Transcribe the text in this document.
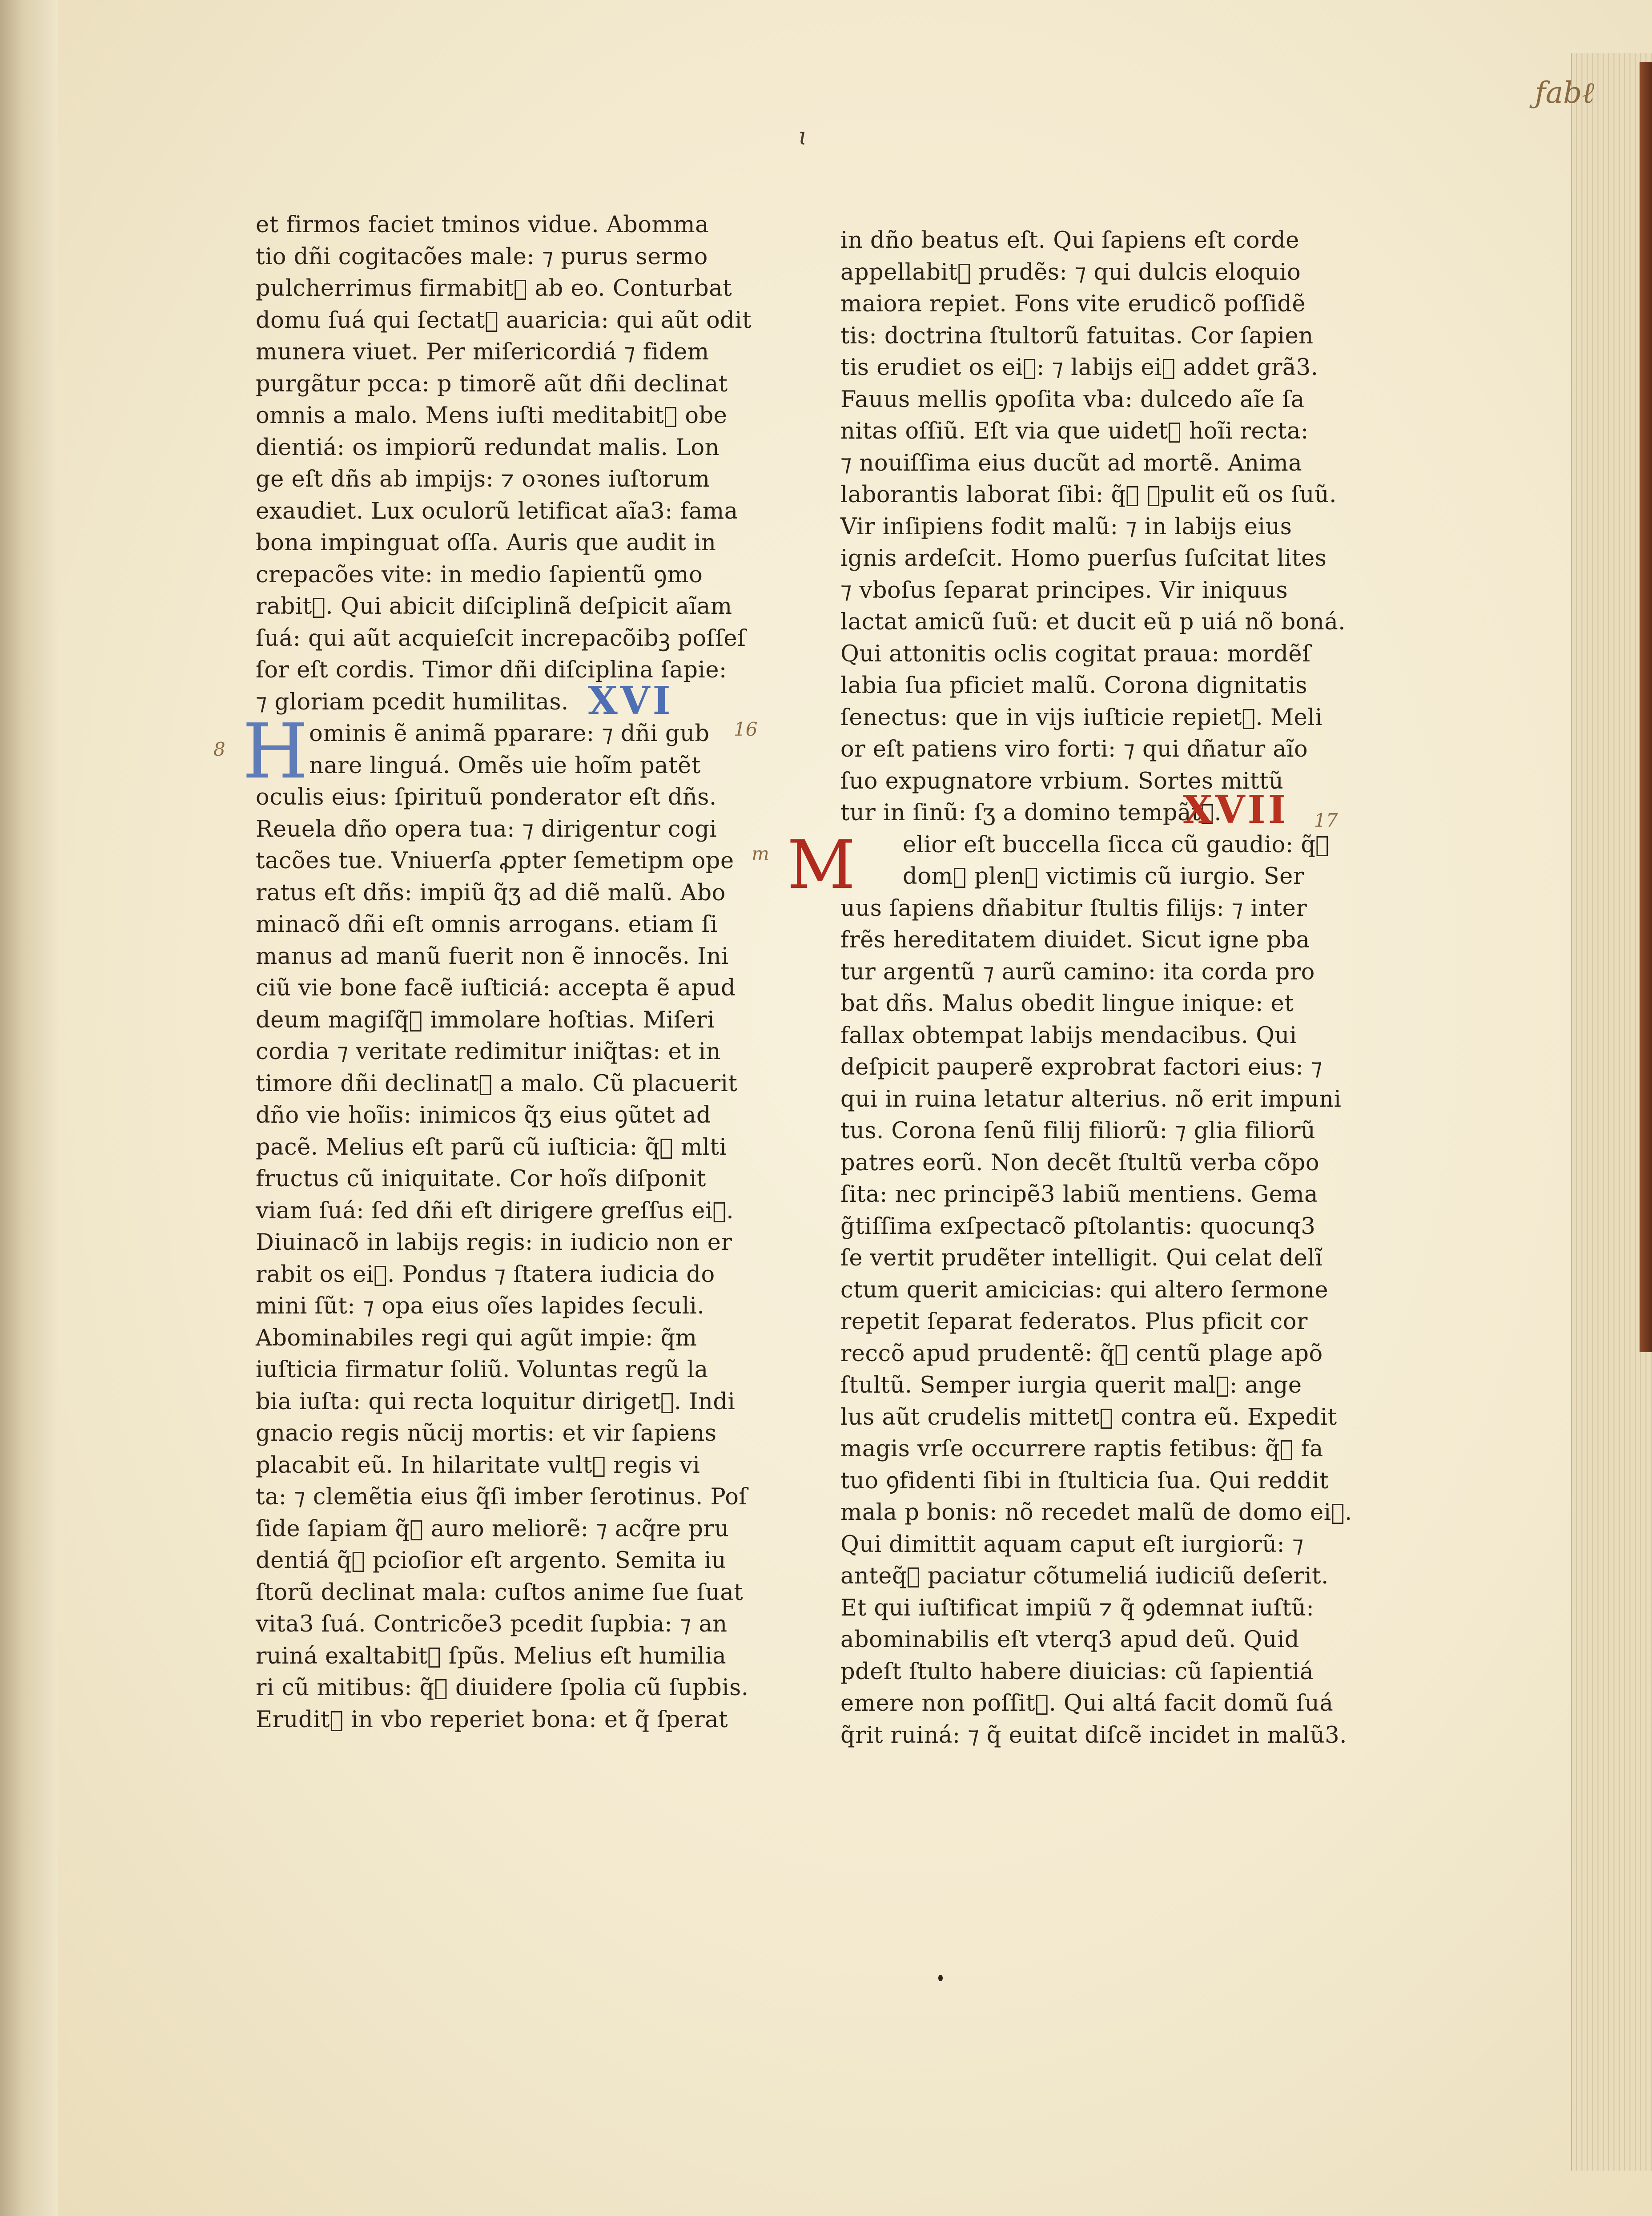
ƒabℓ
ɩ
et firmos faciet tminos vidue. Abomma
tio dñi cogitacões male: ⁊ purus sermo
pulcherrimus firmabit᷑ ab eo. Conturbat
domu ſuá qui ſectat᷑ auaricia: qui aũt odit
munera viuet. Per miſericordiá ⁊ fidem
purgãtur pcca: p timorẽ aũt dñi declinat
omnis a malo. Mens iuſti meditabit᷑ obe
dientiá: os impiorũ redundat malis. Lon
ge eſt dñs ab impijs: ⁊ oꝛones iuſtorum
exaudiet. Lux oculorũ letificat aı̃a3: fama
bona impinguat oſſa. Auris que audit in
crepacões vite: in medio ſapientũ ꝯmo
rabit᷑. Qui abicit diſciplinã deſpicit aı̃am
ſuá: qui aũt acquieſcit increpacõibꝫ poſſeſ
ſor eſt cordis. Timor dñi diſciplina ſapie:
⁊ gloriam pcedit humilitas.
ominis ẽ animã pparare: ⁊ dñi gub
nare linguá. Omẽs uie hoı̃m patẽt
oculis eius: ſpirituũ ponderator eſt dñs.
Reuela dño opera tua: ⁊ dirigentur cogi
tacões tue. Vniuerſa ꝓpter ſemetipm ope
ratus eſt dñs: impiũ q̃ʒ ad diẽ malũ. Abo
minacõ dñi eſt omnis arrogans. etiam ſi
manus ad manũ fuerit non ẽ innocẽs. Ini
ciũ vie bone facẽ iuſticiá: accepta ẽ apud
deum magiſq̃ᷓ immolare hoſtias. Miſeri
cordia ⁊ veritate redimitur iniq̃tas: et in
timore dñi declinat᷑ a malo. Cũ placuerit
dño vie hoı̃is: inimicos q̃ʒ eius ꝯũtet ad
pacẽ. Melius eſt parũ cũ iuſticia: q̃ᷓ mlti
fructus cũ iniquitate. Cor hoı̃s diſponit
viam ſuá: ſed dñi eſt dirigere greſſus ei᷒.
Diuinacõ in labijs regis: in iudicio non er
rabit os ei᷒. Pondus ⁊ ſtatera iudicia do
mini ſũt: ⁊ opa eius oı̃es lapides ſeculi.
Abominabiles regi qui agũt impie: q̃m
iuſticia firmatur ſoliũ. Voluntas regũ la
bia iuſta: qui recta loquitur diriget᷑. Indi
gnacio regis nũcij mortis: et vir ſapiens
placabit eũ. In hilaritate vult᷒ regis vi
ta: ⁊ clemẽtia eius q̃ſi imber ſerotinus. Poſ
ſide ſapiam q̃ᷓ auro meliorẽ: ⁊ acq̃re pru
dentiá q̃ᷓ pcioſior eſt argento. Semita iu
ſtorũ declinat mala: cuſtos anime ſue ſuat
vita3 ſuá. Contricõe3 pcedit ſupbia: ⁊ an
ruiná exaltabit᷑ ſpũs. Melius eſt humilia
ri cũ mitibus: q̃ᷓ diuidere ſpolia cũ ſupbis.
Erudit᷒ in vbo reperiet bona: et q̃ ſperat
in dño beatus eſt. Qui ſapiens eſt corde
appellabit᷑ prudẽs: ⁊ qui dulcis eloquio
maiora repiet. Fons vite erudicõ poſſidẽ
tis: doctrina ſtultorũ fatuitas. Cor ſapien
tis erudiet os ei᷒: ⁊ labijs ei᷒ addet grã3.
Fauus mellis ꝯpoſita vba: dulcedo aı̃e ſa
nitas oſſiũ. Eſt via que uidet᷑ hoı̃i recta:
⁊ nouiſſima eius ducũt ad mortẽ. Anima
laborantis laborat ſibi: q̃ᷓ ꝯpulit eũ os ſuũ.
Vir inſipiens fodit malũ: ⁊ in labijs eius
ignis ardeſcit. Homo puerſus ſuſcitat lites
⁊ vboſus ſeparat principes. Vir iniquus
lactat amicũ ſuũ: et ducit eũ p uiá nõ boná.
Qui attonitis oclis cogitat praua: mordẽſ
labia ſua pficiet malũ. Corona dignitatis
ſenectus: que in vijs iuſticie repiet᷑. Meli
or eſt patiens viro forti: ⁊ qui dñatur aı̃o
ſuo expugnatore vrbium. Sortes mittũ
tur in ſinũ: ſʒ a domino tempãt᷑.
elior eſt buccella ſicca cũ gaudio: q̃ᷓ
dom᷒ plenᷓ victimis cũ iurgio. Ser
uus ſapiens dñabitur ſtultis filijs: ⁊ inter
frẽs hereditatem diuidet. Sicut igne pba
tur argentũ ⁊ aurũ camino: ita corda pro
bat dñs. Malus obedit lingue inique: et
fallax obtempat labijs mendacibus. Qui
deſpicit pauperẽ exprobrat factori eius: ⁊
qui in ruina letatur alterius. nõ erit impuni
tus. Corona ſenũ filij filiorũ: ⁊ glia filiorũ
patres eorũ. Non decẽt ſtultũ verba cõpo
ſita: nec principẽ3 labiũ mentiens. Gema
g̃tiſſima exſpectacõ pſtolantis: quocunq3
ſe vertit prudẽter intelligit. Qui celat delı̃
ctum querit amicicias: qui altero ſermone
repetit ſeparat federatos. Plus pficit cor
reccõ apud prudentẽ: q̃ᷓ centũ plage apõ
ſtultũ. Semper iurgia querit mal᷒: ange
lus aũt crudelis mittet᷑ contra eũ. Expedit
magis vrſe occurrere raptis fetibus: q̃ᷓ fa
tuo ꝯfidenti ſibi in ſtulticia ſua. Qui reddit
mala p bonis: nõ recedet malũ de domo ei᷒.
Qui dimittit aquam caput eſt iurgiorũ: ⁊
anteq̃ᷓ paciatur cõtumeliá iudiciũ deſerit.
Et qui iuſtificat impiũ ⁊ q̃ ꝯdemnat iuſtũ:
abominabilis eſt vterq3 apud deũ. Quid
pdeſt ſtulto habere diuicias: cũ ſapientiá
emere non poſſit᷑. Qui altá facit domũ ſuá
q̃rit ruiná: ⁊ q̃ euitat diſcẽ incidet in malũ3.
XVI
H
8
16
XVII
M
m
17
